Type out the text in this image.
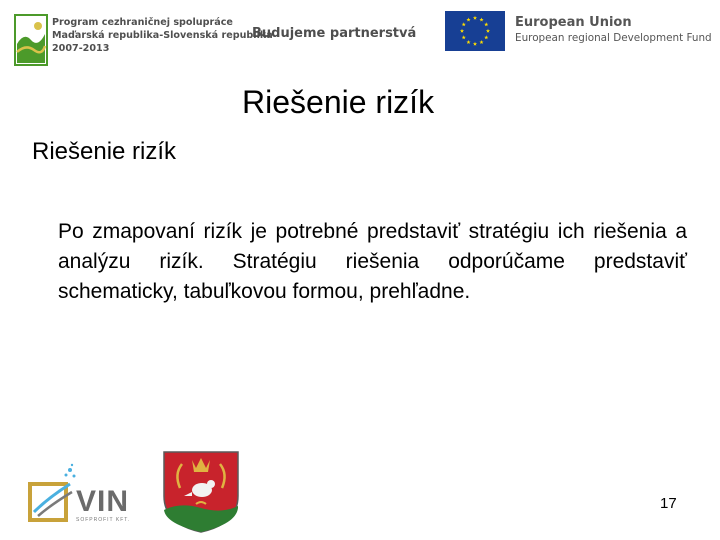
Program cezhraničnej spolupráce
Maďarská republika-Slovenská republika
2007-2013
Budujeme partnerstvá
European Union
European regional Development Fund
Riešenie rizík
Riešenie rizík

Po zmapovaní rizík je potrebné predstaviť stratégiu ich riešenia a analýzu rizík. Stratégiu riešenia odporúčame predstaviť schematicky, tabuľkovou formou, prehľadne.

VIN
SOFPROFIT KFT.
17
